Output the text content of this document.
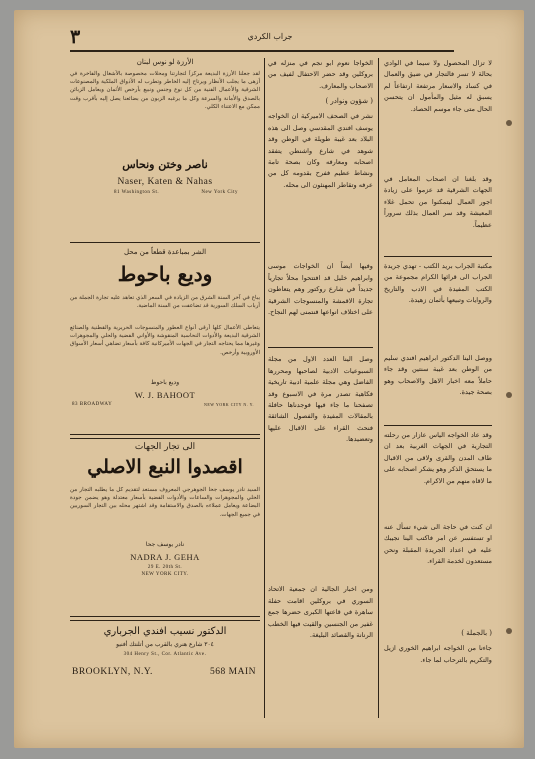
٣	جراب الكردي
الأرزة لو نوس لبنان
لقد جعلنا الأرزة البديعة مركزاً لتجارتنا ومحلات مخصوصة بالأشغال والفاخرة في أزهى ما يجلب الأنظار ويرتاح إليه الخاطر وتطرب له الأذواق الملكية والمصنوعات الشرقية والأعمال الفنية من كل نوع وجنس ونبيع بأرخص الأثمان ويعامل الزبائن بالصدق والأمانة والسرعة وكل ما يرغبه الزبون من بضائعنا يصل إليه بأقرب وقت ممكن مع الاعتناء الكلي.
ناصر وختن ونحاس
Naser, Katen & Nahas
81 Washington St.	New York City
الشر بمباعدة قطعاً من محل
وديع باحوط
يباع في آخر السنة الشرق من الزيادة في السعر الذي تعاهد عليه تجارة الجملة من أرباب السلك السورية قد تضاعفت من السنة الماضية.
يتعاطى الأعمال كلها أرقى أنواع العطور والمنسوجات الحريرية والقطنية والصنائع الشرقية البديعة والأدوات النحاسية المنقوشة والأواني الفضية والحلي والمجوهرات وغيرها مما يحتاجه التجار في الجهات الأميركانية كافة بأسعار تضاهي أسعار الأسواق الأوروبية وأرخص.
وديع باحوط
W. J. BAHOOT
83 BROADWAY	NEW YORK CITY N. Y.
الى تجار الجهات
اقصدوا النبع الاصلي
السيد نادر يوسف جحا الجوهرجي المعروف مستعد لتقديم كل ما يطلبه التجار من الحلي والمجوهرات والساعات والأدوات الفضية بأسعار معتدلة وهو يضمن جودة البضاعة ويعامل عملاءه بالصدق والاستقامة وقد اشتهر محله بين التجار السوريين في جميع الجهات.
نادر يوسف جحا
NADRA J. GEHA
29 E. 20th St.
NEW YORK CITY.
الدكتور نسيب افندي الجرباري
٣٠٤ شارع هنري بالقرب من أتلنتك أفنيو
304 Henry St., Cor. Atlantic Ave.
BROOKLYN, N.Y.	568 MAIN
الخواجا نعوم ابو نجم في منزله في بروكلين وقد حضر الاحتفال لفيف من الاصحاب والمعارف.
( شؤون ونوادر )
نشر في الصحف الاميركية ان الخواجه يوسف افندي المقدسي وصل الى هذه البلاد بعد غيبة طويلة في الوطن وقد شوهد في شارع واشنطن يتفقد اصحابه ومعارفه وكان بصحة تامة ونشاط عظيم ففرح بقدومه كل من عرفه وتقاطر المهنئون الى محله.
وفيها ايضاً ان الخواجات موسى وابراهيم خليل قد افتتحوا محلاً تجارياً جديداً في شارع روكتور وهم يتعاطون تجارة الاقمشة والمنسوجات الشرقية على اختلاف انواعها فنتمنى لهم النجاح.
وصل الينا العدد الاول من مجلة السبوعيات الادبية لصاحبها ومحررها الفاضل وهي مجلة علمية ادبية تاريخية فكاهية تصدر مرة في الاسبوع وقد تصفحنا ما جاء فيها فوجدناها حافلة بالمقالات المفيدة والفصول الشائقة فنحث القراء على الاقبال عليها وتعضيدها.
ومن اخبار الجالية ان جمعية الاتحاد السوري في بروكلين اقامت حفلة ساهرة في قاعتها الكبرى حضرها جمع غفير من الجنسين والقيت فيها الخطب الرنانة والقصائد البليغة.
لا تزال المحصول ولا سيما في الوادي بحالة لا تسر فالتجار في ضيق والعمال في كساد والاسعار مرتفعة ارتفاعاً لم يسبق له مثيل والمأمول ان يتحسن الحال متى جاء موسم الحصاد.
وقد بلغنا ان اصحاب المعامل في الجهات الشرقية قد عزموا على زيادة اجور العمال ليتمكنوا من تحمل غلاء المعيشة وقد سر العمال بذلك سروراً عظيماً.
مكتبة الجراب بريد الكتب - تهدي جريدة الجراب الى قرائها الكرام مجموعة من الكتب المفيدة في الادب والتاريخ والروايات وتبيعها بأثمان زهيدة.
ووصل الينا الدكتور ابراهيم افندي سليم من الوطن بعد غيبة سنتين وقد جاء حاملاً معه اخبار الاهل والاصحاب وهو بصحة جيدة.
وقد عاد الخواجه الياس عازار من رحلته التجارية في الجهات الغربية بعد ان طاف المدن والقرى ولاقى من الاقبال ما يستحق الذكر وهو يشكر اصحابه على ما لاقاه منهم من الاكرام.
ان كنت في حاجة الى شيء تسأل عنه او تستفسر عن امر فاكتب الينا نجيبك عليه في اعداد الجريدة المقبلة ونحن مستعدون لخدمة القراء.
( بالجملة )
جاءنا من الخواجه ابراهيم الخوري ازيل والتكريم بالترحاب لما جاء.
